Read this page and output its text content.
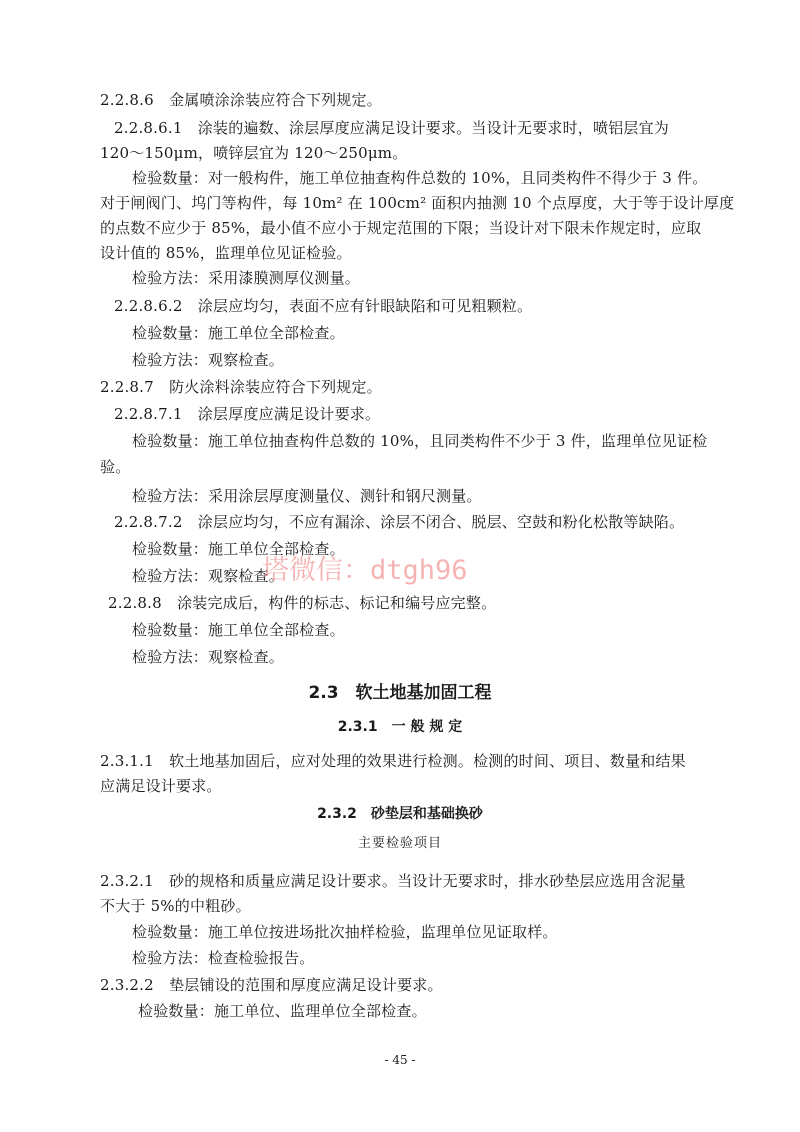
2.2.8.6　金属喷涂涂装应符合下列规定。
2.2.8.6.1　涂装的遍数、涂层厚度应满足设计要求。当设计无要求时，喷铝层宜为
120～150μm，喷锌层宜为 120～250μm。
检验数量：对一般构件，施工单位抽查构件总数的 10%，且同类构件不得少于 3 件。
对于闸阀门、坞门等构件，每 10m² 在 100cm² 面积内抽测 10 个点厚度，大于等于设计厚度
的点数不应少于 85%，最小值不应小于规定范围的下限；当设计对下限未作规定时，应取
设计值的 85%，监理单位见证检验。
检验方法：采用漆膜测厚仪测量。
2.2.8.6.2　涂层应均匀，表面不应有针眼缺陷和可见粗颗粒。
检验数量：施工单位全部检查。
检验方法：观察检查。
2.2.8.7　防火涂料涂装应符合下列规定。
2.2.8.7.1　涂层厚度应满足设计要求。
检验数量：施工单位抽查构件总数的 10%，且同类构件不少于 3 件，监理单位见证检
验。
检验方法：采用涂层厚度测量仪、测针和钢尺测量。
2.2.8.7.2　涂层应均匀，不应有漏涂、涂层不闭合、脱层、空鼓和粉化松散等缺陷。
检验数量：施工单位全部检查。
检验方法：观察检查。
2.2.8.8　涂装完成后，构件的标志、标记和编号应完整。
检验数量：施工单位全部检查。
检验方法：观察检查。
2.3　软土地基加固工程
2.3.1　一 般 规 定
2.3.1.1　软土地基加固后，应对处理的效果进行检测。检测的时间、项目、数量和结果
应满足设计要求。
2.3.2　砂垫层和基础换砂
主要检验项目
2.3.2.1　砂的规格和质量应满足设计要求。当设计无要求时，排水砂垫层应选用含泥量
不大于 5%的中粗砂。
检验数量：施工单位按进场批次抽样检验，监理单位见证取样。
检验方法：检查检验报告。
2.3.2.2　垫层铺设的范围和厚度应满足设计要求。
检验数量：施工单位、监理单位全部检查。
塔微信：dtgh96
- 45 -
